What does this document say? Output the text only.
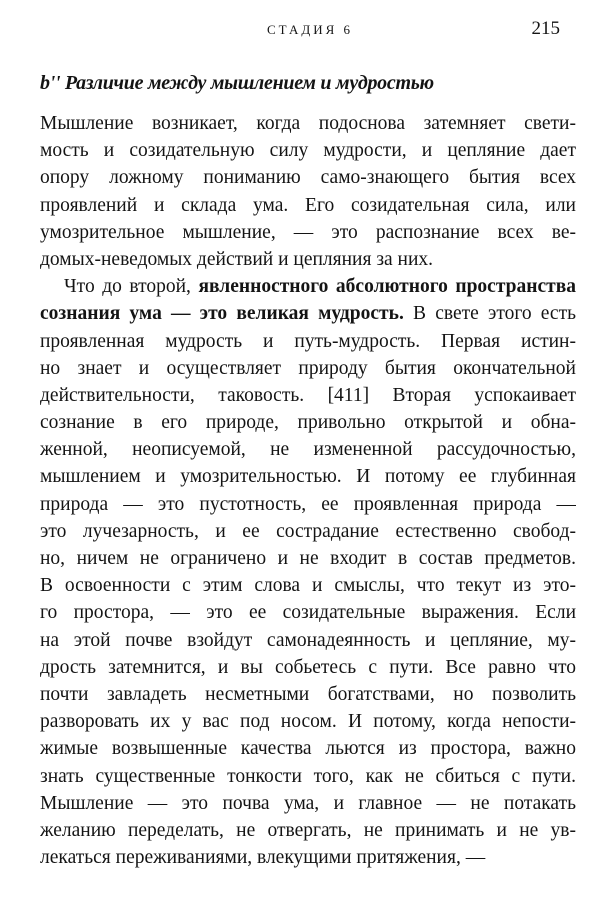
СТАДИЯ 6	215
b'' Различие между мышлением и мудростью
Мышление возникает, когда подоснова затемняет свети-
мость и созидательную силу мудрости, и цепляние дает
опору ложному пониманию само-знающего бытия всех
проявлений и склада ума. Его созидательная сила, или
умозрительное мышление, — это распознание всех ве-
домых-неведомых действий и цепляния за них.
Что до второй, явленностного абсолютного пространства
сознания ума — это великая мудрость. В свете этого есть
проявленная мудрость и путь-мудрость. Первая истин-
но знает и осуществляет природу бытия окончательной
действительности, таковость. [411] Вторая успокаивает
сознание в его природе, привольно открытой и обна-
женной, неописуемой, не измененной рассудочностью,
мышлением и умозрительностью. И потому ее глубинная
природа — это пустотность, ее проявленная природа —
это лучезарность, и ее сострадание естественно свобод-
но, ничем не ограничено и не входит в состав предметов.
В освоенности с этим слова и смыслы, что текут из это-
го простора, — это ее созидательные выражения. Если
на этой почве взойдут самонадеянность и цепляние, му-
дрость затемнится, и вы собьетесь с пути. Все равно что
почти завладеть несметными богатствами, но позволить
разворовать их у вас под носом. И потому, когда непости-
жимые возвышенные качества льются из простора, важно
знать существенные тонкости того, как не сбиться с пути.
Мышление — это почва ума, и главное — не потакать
желанию переделать, не отвергать, не принимать и не ув-
лекаться переживаниями, влекущими притяжения, —
